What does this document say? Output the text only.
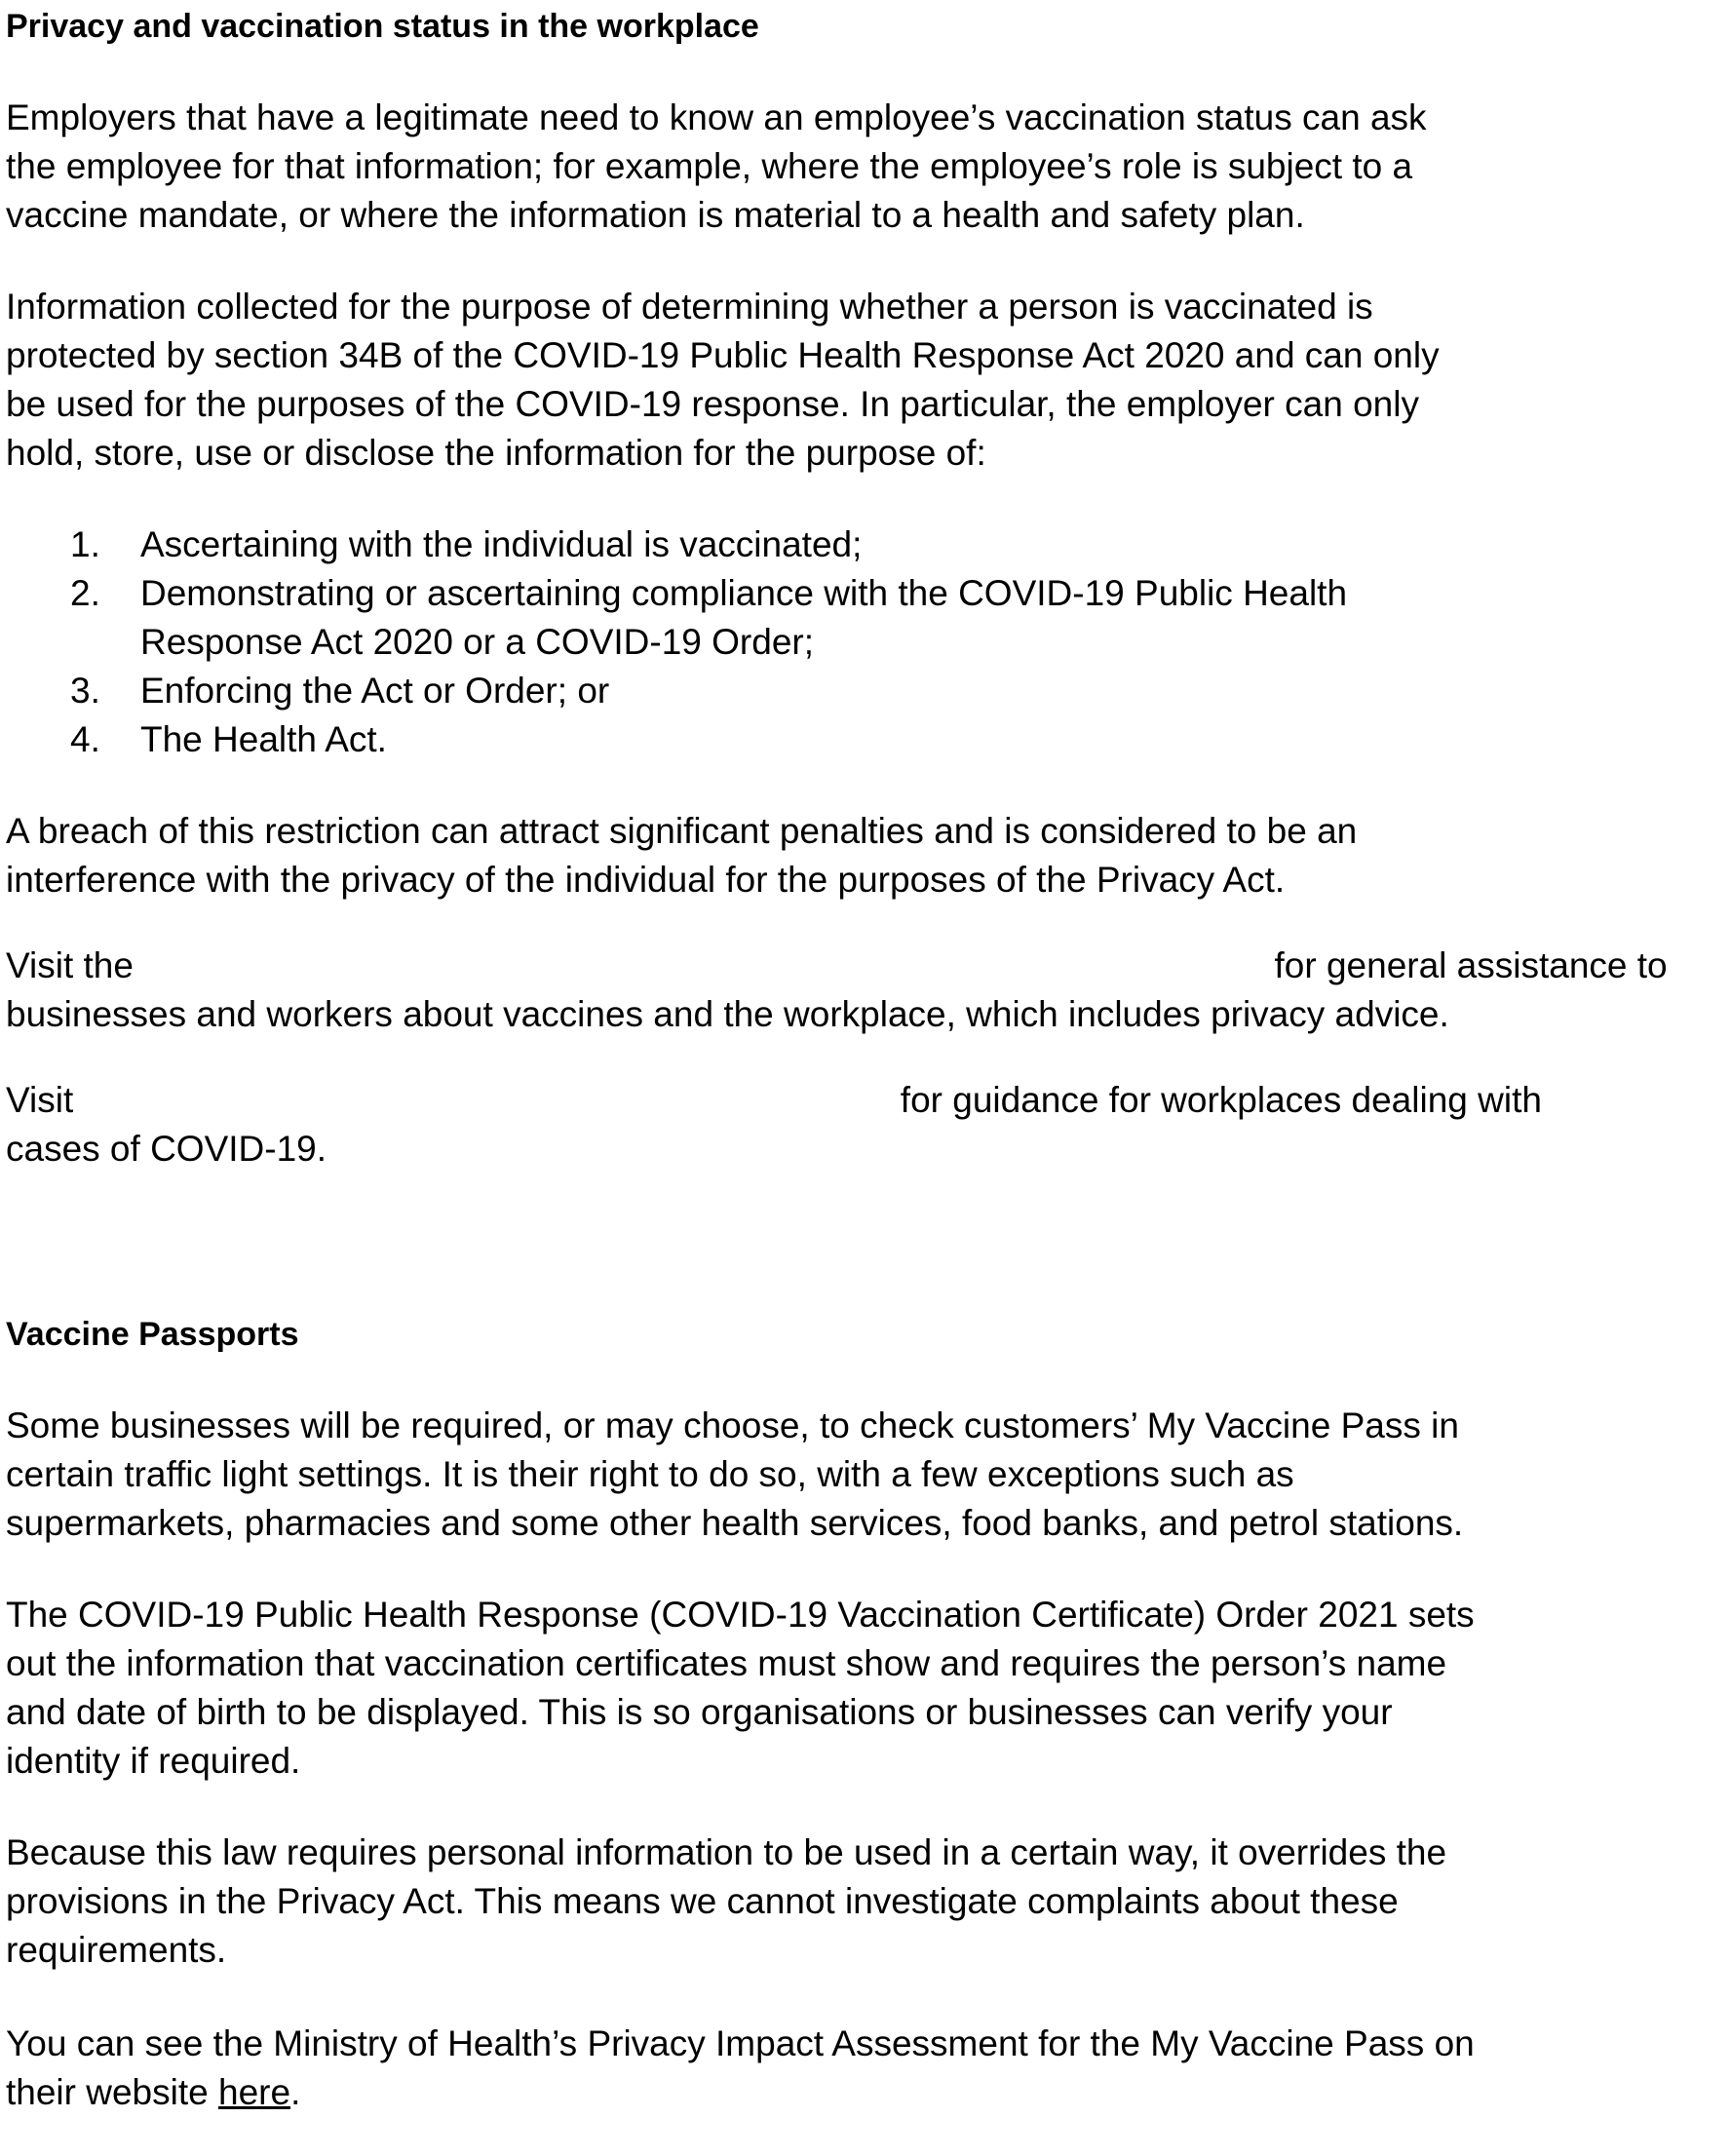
Privacy and vaccination status in the workplace

Employers that have a legitimate need to know an employee’s vaccination status can ask
the employee for that information; for example, where the employee’s role is subject to a
vaccine mandate, or where the information is material to a health and safety plan.

Information collected for the purpose of determining whether a person is vaccinated is
protected by section 34B of the COVID-19 Public Health Response Act 2020 and can only
be used for the purposes of the COVID-19 response. In particular, the employer can only
hold, store, use or disclose the information for the purpose of:

1. Ascertaining with the individual is vaccinated;
2. Demonstrating or ascertaining compliance with the COVID-19 Public Health
Response Act 2020 or a COVID-19 Order;
3. Enforcing the Act or Order; or
4. The Health Act.

A breach of this restriction can attract significant penalties and is considered to be an
interference with the privacy of the individual for the purposes of the Privacy Act.

Visit the	for general assistance to
businesses and workers about vaccines and the workplace, which includes privacy advice.

Visit	for guidance for workplaces dealing with
cases of COVID-19.

Vaccine Passports

Some businesses will be required, or may choose, to check customers’ My Vaccine Pass in
certain traffic light settings. It is their right to do so, with a few exceptions such as
supermarkets, pharmacies and some other health services, food banks, and petrol stations.

The COVID-19 Public Health Response (COVID-19 Vaccination Certificate) Order 2021 sets
out the information that vaccination certificates must show and requires the person’s name
and date of birth to be displayed. This is so organisations or businesses can verify your
identity if required.

Because this law requires personal information to be used in a certain way, it overrides the
provisions in the Privacy Act. This means we cannot investigate complaints about these
requirements.

You can see the Ministry of Health’s Privacy Impact Assessment for the My Vaccine Pass on
their website here.
